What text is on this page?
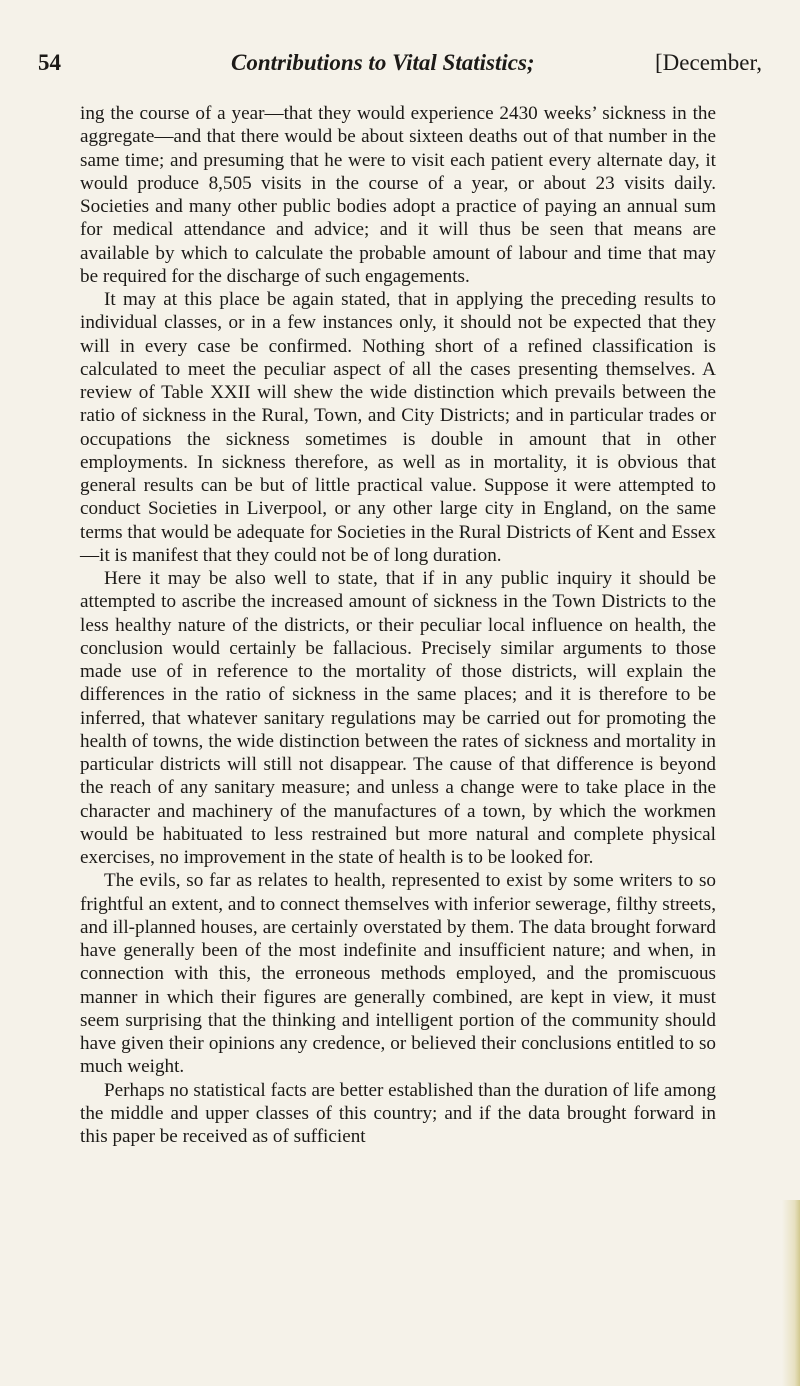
54	Contributions to Vital Statistics;	[December,

ing the course of a year—that they would experience 2430 weeks’ sickness in the aggregate—and that there would be about sixteen deaths out of that number in the same time; and presuming that he were to visit each patient every alternate day, it would produce 8,505 visits in the course of a year, or about 23 visits daily. Societies and many other public bodies adopt a practice of paying an annual sum for medical attendance and advice; and it will thus be seen that means are available by which to calculate the probable amount of labour and time that may be required for the discharge of such engagements.

It may at this place be again stated, that in applying the preceding results to individual classes, or in a few instances only, it should not be expected that they will in every case be confirmed. Nothing short of a refined classification is calculated to meet the peculiar aspect of all the cases presenting themselves. A review of Table XXII will shew the wide distinction which prevails between the ratio of sickness in the Rural, Town, and City Districts; and in particular trades or occupations the sickness sometimes is double in amount that in other employments. In sickness therefore, as well as in mortality, it is obvious that general results can be but of little practical value. Suppose it were attempted to conduct Societies in Liverpool, or any other large city in England, on the same terms that would be adequate for Societies in the Rural Districts of Kent and Essex—it is manifest that they could not be of long duration.

Here it may be also well to state, that if in any public inquiry it should be attempted to ascribe the increased amount of sickness in the Town Districts to the less healthy nature of the districts, or their peculiar local influence on health, the conclusion would certainly be fallacious. Precisely similar arguments to those made use of in reference to the mortality of those districts, will explain the differences in the ratio of sickness in the same places; and it is therefore to be inferred, that whatever sanitary regulations may be carried out for promoting the health of towns, the wide distinction between the rates of sickness and mortality in particular districts will still not disappear. The cause of that difference is beyond the reach of any sanitary measure; and unless a change were to take place in the character and machinery of the manufactures of a town, by which the workmen would be habituated to less restrained but more natural and complete physical exercises, no improvement in the state of health is to be looked for.

The evils, so far as relates to health, represented to exist by some writers to so frightful an extent, and to connect themselves with inferior sewerage, filthy streets, and ill-planned houses, are certainly overstated by them. The data brought forward have generally been of the most indefinite and insufficient nature; and when, in connection with this, the erroneous methods employed, and the promiscuous manner in which their figures are generally combined, are kept in view, it must seem surprising that the thinking and intelligent portion of the community should have given their opinions any credence, or believed their conclusions entitled to so much weight.

Perhaps no statistical facts are better established than the duration of life among the middle and upper classes of this country; and if the data brought forward in this paper be received as of sufficient
